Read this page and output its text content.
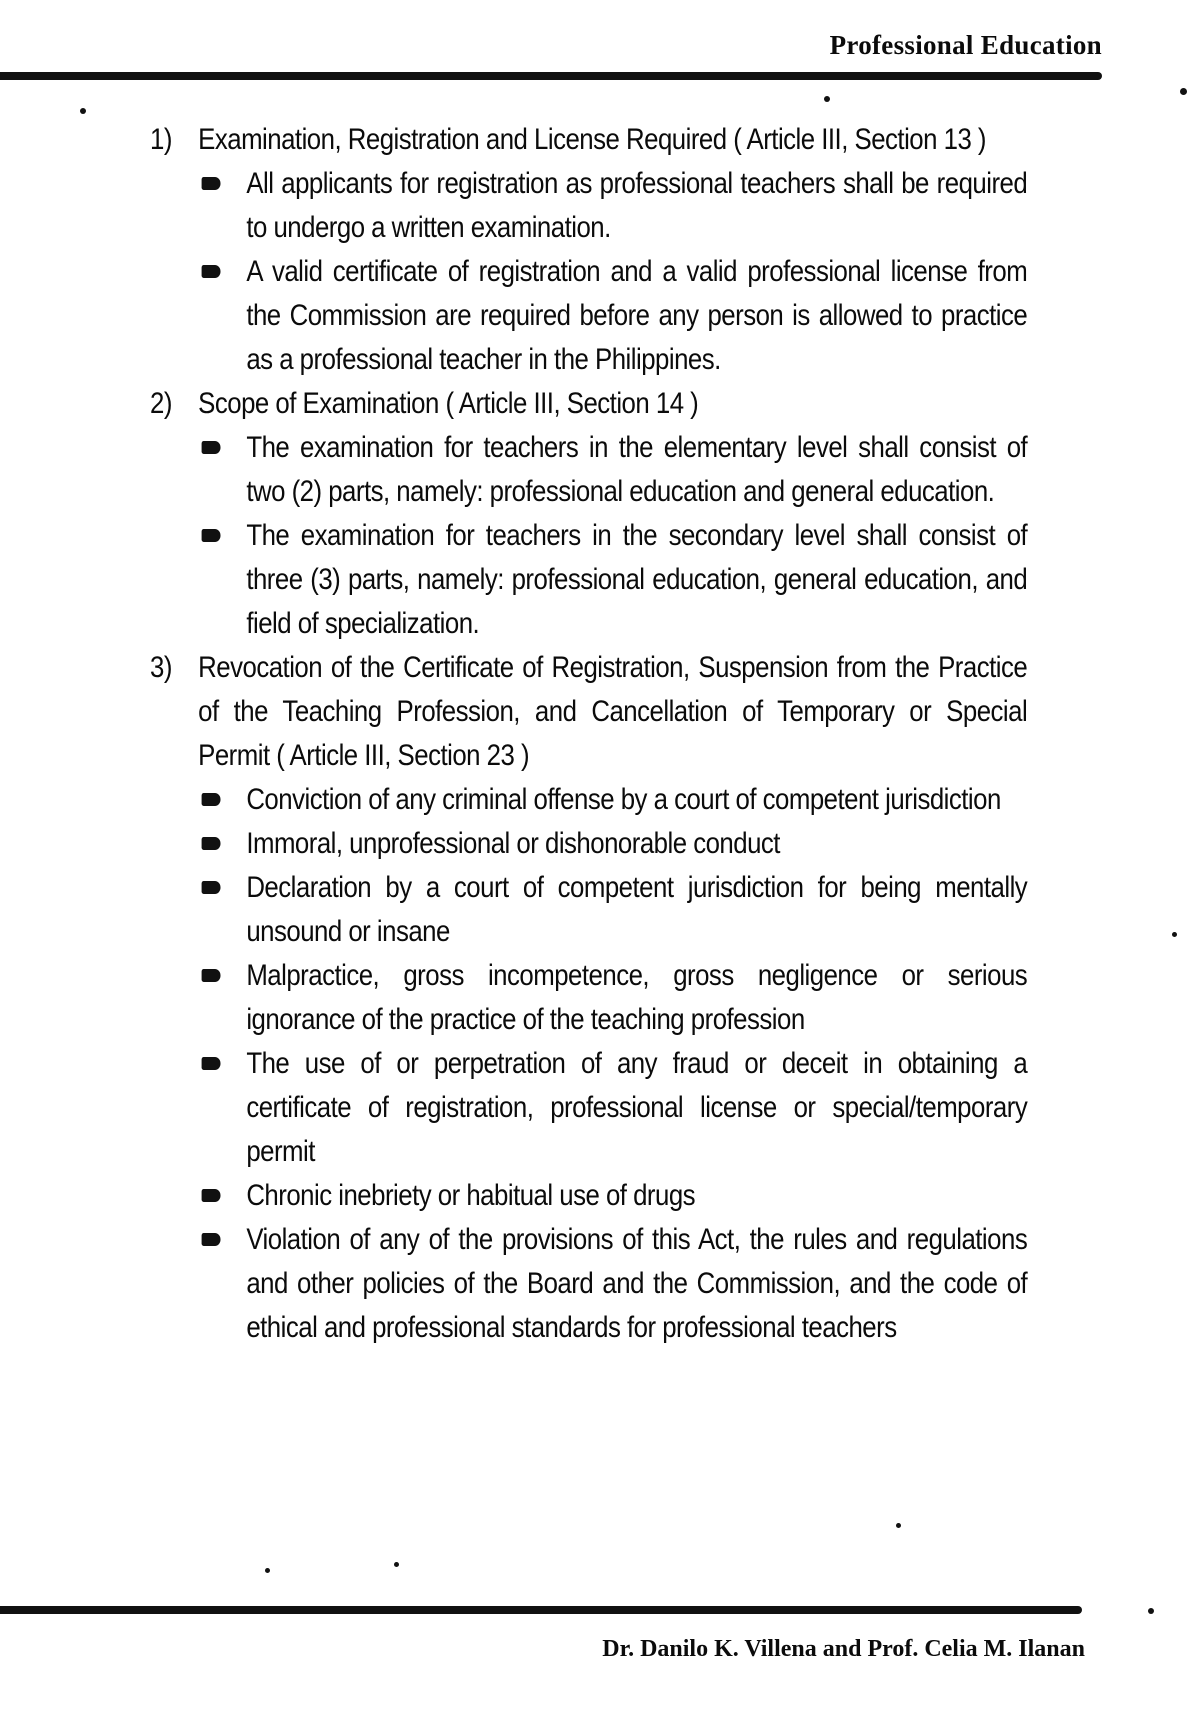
Professional Education
1) Examination, Registration and License Required ( Article III, Section 13 )
All applicants for registration as professional teachers shall be required to undergo a written examination.
A valid certificate of registration and a valid professional license from the Commission are required before any person is allowed to practice as a professional teacher in the Philippines.
2) Scope of Examination ( Article III, Section 14 )
The examination for teachers in the elementary level shall consist of two (2) parts, namely: professional education and general education.
The examination for teachers in the secondary level shall consist of three (3) parts, namely: professional education, general education, and field of specialization.
3) Revocation of the Certificate of Registration, Suspension from the Practice of the Teaching Profession, and Cancellation of Temporary or Special Permit ( Article III, Section 23 )
Conviction of any criminal offense by a court of competent jurisdiction
Immoral, unprofessional or dishonorable conduct
Declaration by a court of competent jurisdiction for being mentally unsound or insane
Malpractice, gross incompetence, gross negligence or serious ignorance of the practice of the teaching profession
The use of or perpetration of any fraud or deceit in obtaining a certificate of registration, professional license or special/temporary permit
Chronic inebriety or habitual use of drugs
Violation of any of the provisions of this Act, the rules and regulations and other policies of the Board and the Commission, and the code of ethical and professional standards for professional teachers
Dr. Danilo K. Villena and Prof. Celia M. Ilanan
